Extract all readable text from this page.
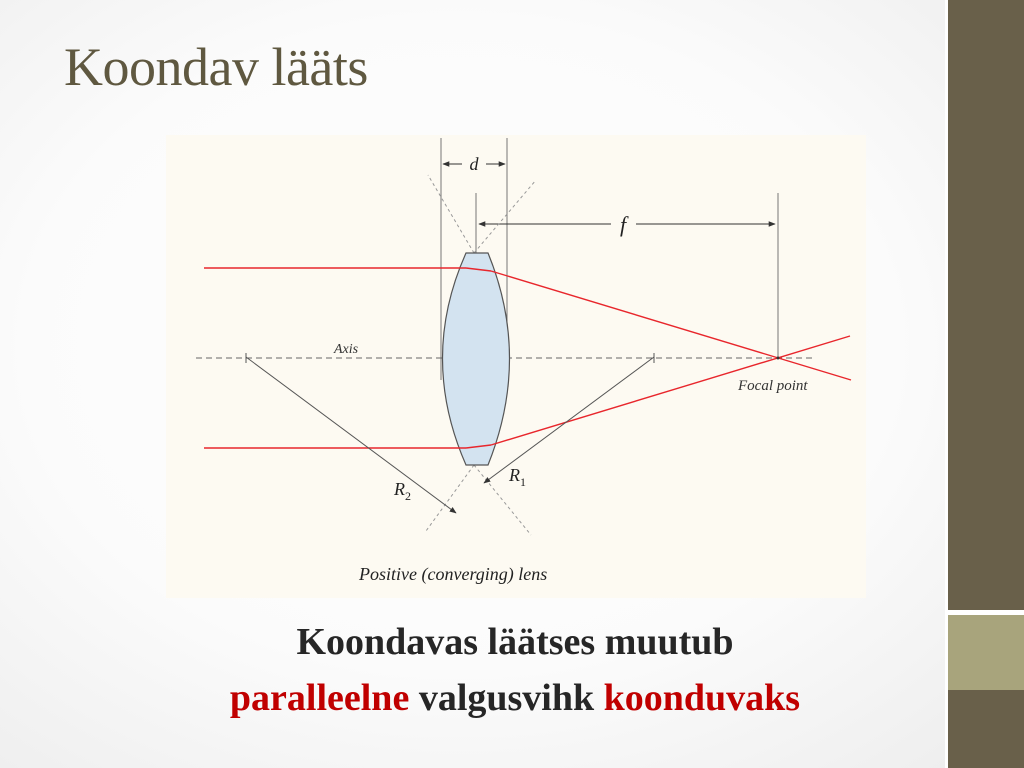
Koondav lääts
d
f
Axis
Focal point
$R_2$
$R_1$
Positive (converging) lens
Koondavas läätses muutub
paralleelne valgusvihk koonduvaks
